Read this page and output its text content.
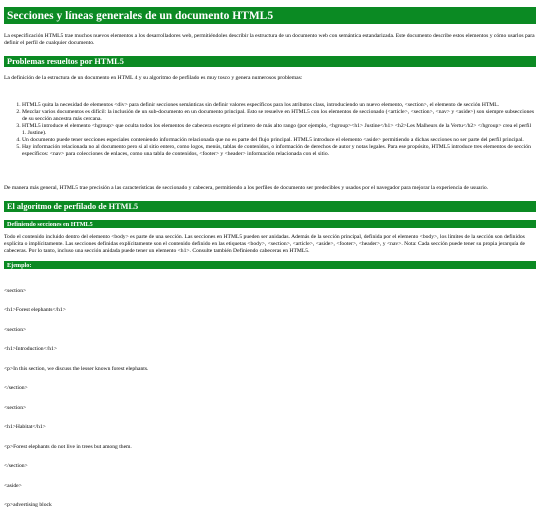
Secciones y líneas generales de un documento HTML5

La especificación HTML5 trae muchos nuevos elementos a los desarrolladores web, permitiéndoles describir la estructura de un documento web con semántica estandarizada. Este documento describe estos elementos y cómo usarlos para definir el perfil de cualquier documento.

Problemas resueltos por HTML5

La definición de la estructura de un documento en HTML 4 y su algoritmo de perfilado es muy tosco y genera numerosos problemas:

1. HTML5 quita la necesidad de elementos <div> para definir secciones semánticas sin definir valores específicos para los atributos class, introduciendo un nuevo elemento, <section>, el elemento de sección HTML.
2. Mezclar varios documentos es difícil: la inclusión de un sub-documento en un documento principal. Esto se resuelve en HTML5 con los elementos de seccionado (<article>, <section>, <nav> y <aside>) son siempre subsecciones de su sección ancestra más cercana.
3. HTML5 introduce el elemento <hgroup> que oculta todos los elementos de cabecera excepto el primero de más alto rango (por ejemplo, <hgroup><h1> Justine</h1> <h2>Les Malheurs de la Vertu</h2> </hgroup> crea el perfil 1. Justine).
4. Un documento puede tener secciones especiales conteniendo información relacionada que no es parte del flujo principal. HTML5 introduce el elemento <aside> permitiendo a dichas secciones no ser parte del perfil principal.
5. Hay información relacionada no al documento pero si al sitio entero, como logos, menús, tablas de contenidos, o información de derechos de autor y notas legales. Para ese propósito, HTML5 introduce tres elementos de sección específicos: <nav> para colecciones de enlaces, como una tabla de contenidos, <footer> y <header> información relacionada con el sitio.

De manera más general, HTML5 trae precisión a las características de seccionado y cabecera, permitiendo a los perfiles de documento ser predecibles y usados por el navegador para mejorar la experiencia de usuario.

El algoritmo de perfilado de HTML5
Definiendo secciones en HTML5

Todo el contenido incluido dentro del elemento <body> es parte de una sección. Las secciones en HTML5 pueden ser anidadas. Además de la sección principal, definida por el elemento <body>, los límites de la sección son definidos explícita o implícitamente. Las secciones definidas explícitamente son el contenido definido en las etiquetas <body>, <section>, <article>, <aside>, <footer>, <header>, y <nav>. Nota: Cada sección puede tener su propia jerarquía de cabeceras. Por lo tanto, incluso una sección anidada puede tener un elemento <h1>. Consulte también Definiendo cabeceras en HTML5.

Ejemplo:

<section>

<h1>Forest elephants</h1>

<section>

<h1>Introduction</h1>

<p>In this section, we discuss the lesser known forest elephants.

</section>

<section>

<h1>Habitat</h1>

<p>Forest elephants do not live in trees but among them.

</section>

<aside>

<p>advertising block
